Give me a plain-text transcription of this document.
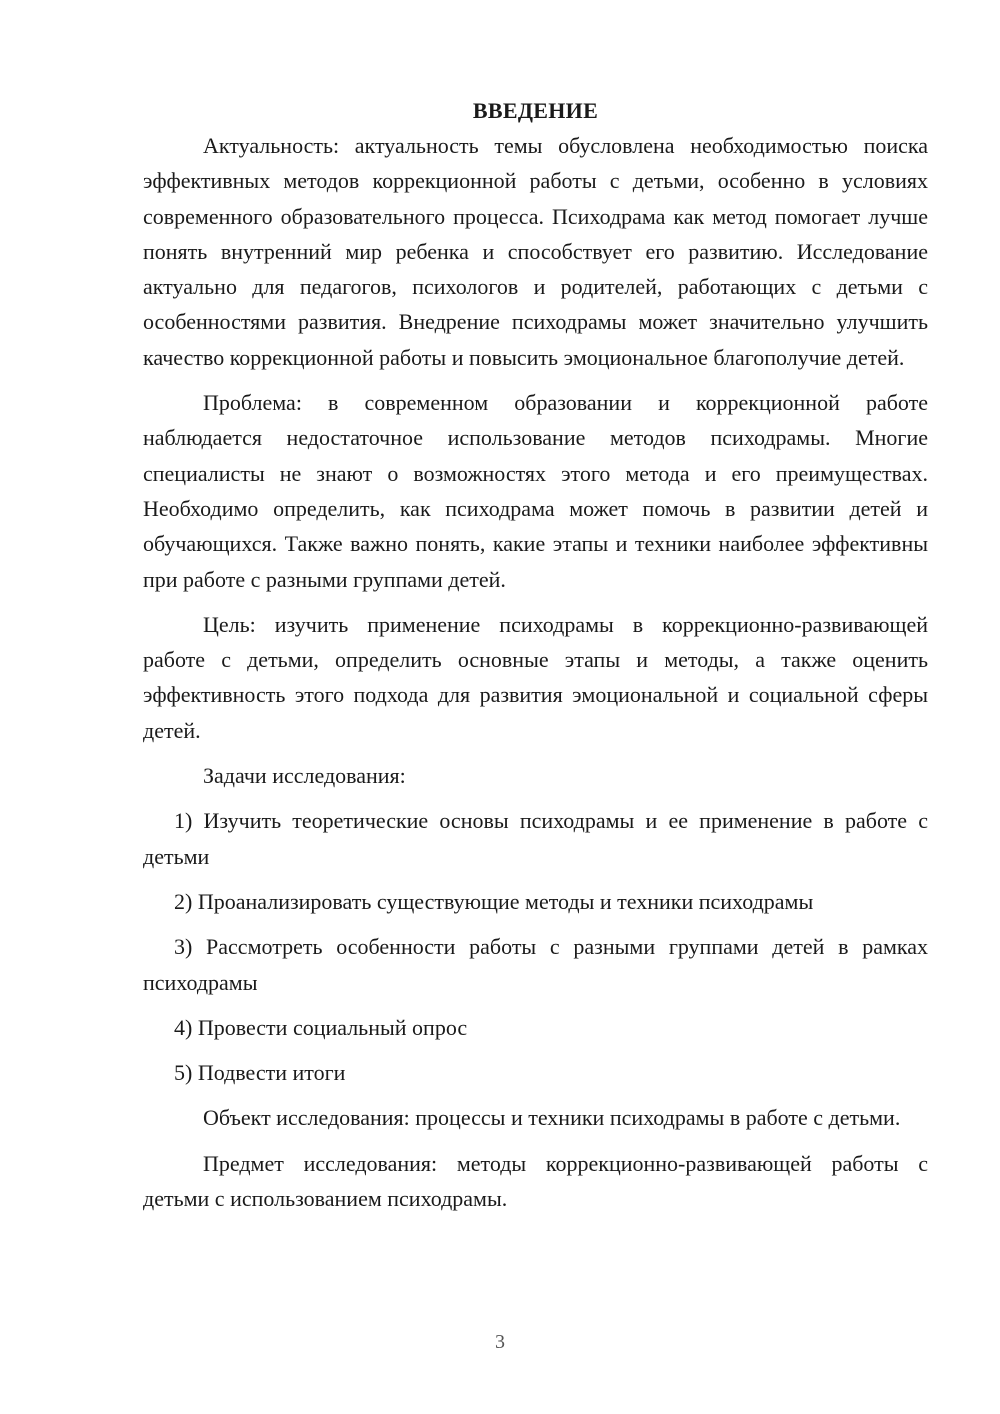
ВВЕДЕНИЕ

Актуальность: актуальность темы обусловлена необходимостью поиска эффективных методов коррекционной работы с детьми, особенно в условиях современного образовательного процесса. Психодрама как метод помогает лучше понять внутренний мир ребенка и способствует его развитию. Исследование актуально для педагогов, психологов и родителей, работающих с детьми с особенностями развития. Внедрение психодрамы может значительно улучшить качество коррекционной работы и повысить эмоциональное благополучие детей.

Проблема: в современном образовании и коррекционной работе наблюдается недостаточное использование методов психодрамы. Многие специалисты не знают о возможностях этого метода и его преимуществах. Необходимо определить, как психодрама может помочь в развитии детей и обучающихся. Также важно понять, какие этапы и техники наиболее эффективны при работе с разными группами детей.

Цель: изучить применение психодрамы в коррекционно-развивающей работе с детьми, определить основные этапы и методы, а также оценить эффективность этого подхода для развития эмоциональной и социальной сферы детей.

Задачи исследования:

1) Изучить теоретические основы психодрамы и ее применение в работе с детьми

2) Проанализировать существующие методы и техники психодрамы

3) Рассмотреть особенности работы с разными группами детей в рамках психодрамы

4) Провести социальный опрос

5) Подвести итоги

Объект исследования: процессы и техники психодрамы в работе с детьми.

Предмет исследования: методы коррекционно-развивающей работы с детьми с использованием психодрамы.

3
